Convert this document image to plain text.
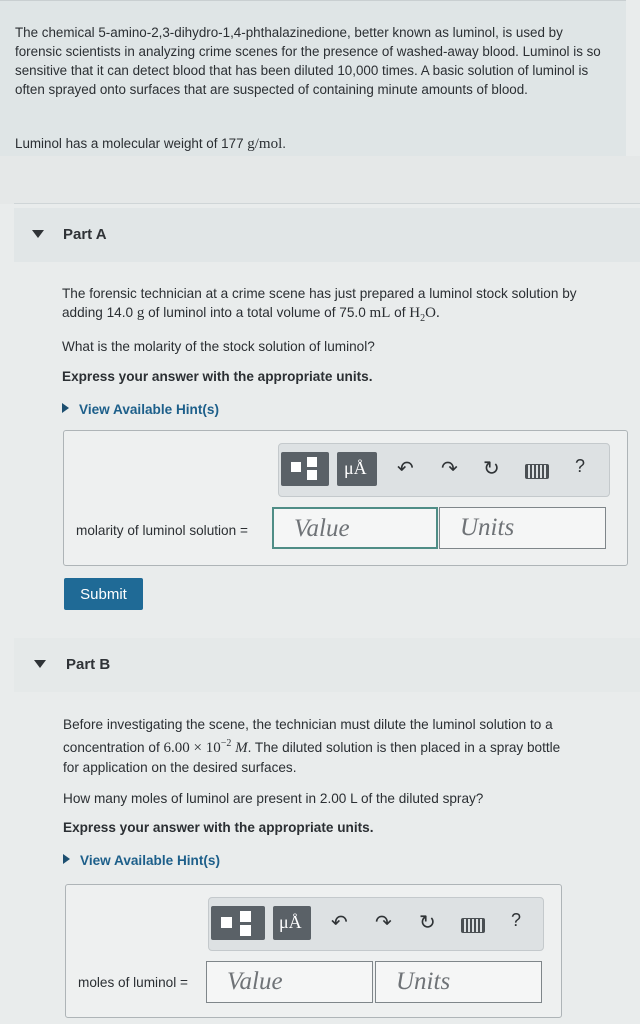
The chemical 5-amino-2,3-dihydro-1,4-phthalazinedione, better known as luminol, is used by forensic scientists in analyzing crime scenes for the presence of washed-away blood. Luminol is so sensitive that it can detect blood that has been diluted 10,000 times. A basic solution of luminol is often sprayed onto surfaces that are suspected of containing minute amounts of blood.

Luminol has a molecular weight of 177 g/mol.

Part A
The forensic technician at a crime scene has just prepared a luminol stock solution by
adding 14.0 g of luminol into a total volume of 75.0 mL of $H_2O$.
What is the molarity of the stock solution of luminol?
Express your answer with the appropriate units.
View Available Hint(s)
μÅ ↶ ↷ ↻	?
molarity of luminol solution = Value	Units
Submit
Part B
Before investigating the scene, the technician must dilute the luminol solution to a
concentration of $6.00 \times 10^{-2}$ M. The diluted solution is then placed in a spray bottle
for application on the desired surfaces.
How many moles of luminol are present in 2.00 L of the diluted spray?
Express your answer with the appropriate units.
View Available Hint(s)
μÅ ↶ ↷ ↻	?
moles of luminol = Value	Units
